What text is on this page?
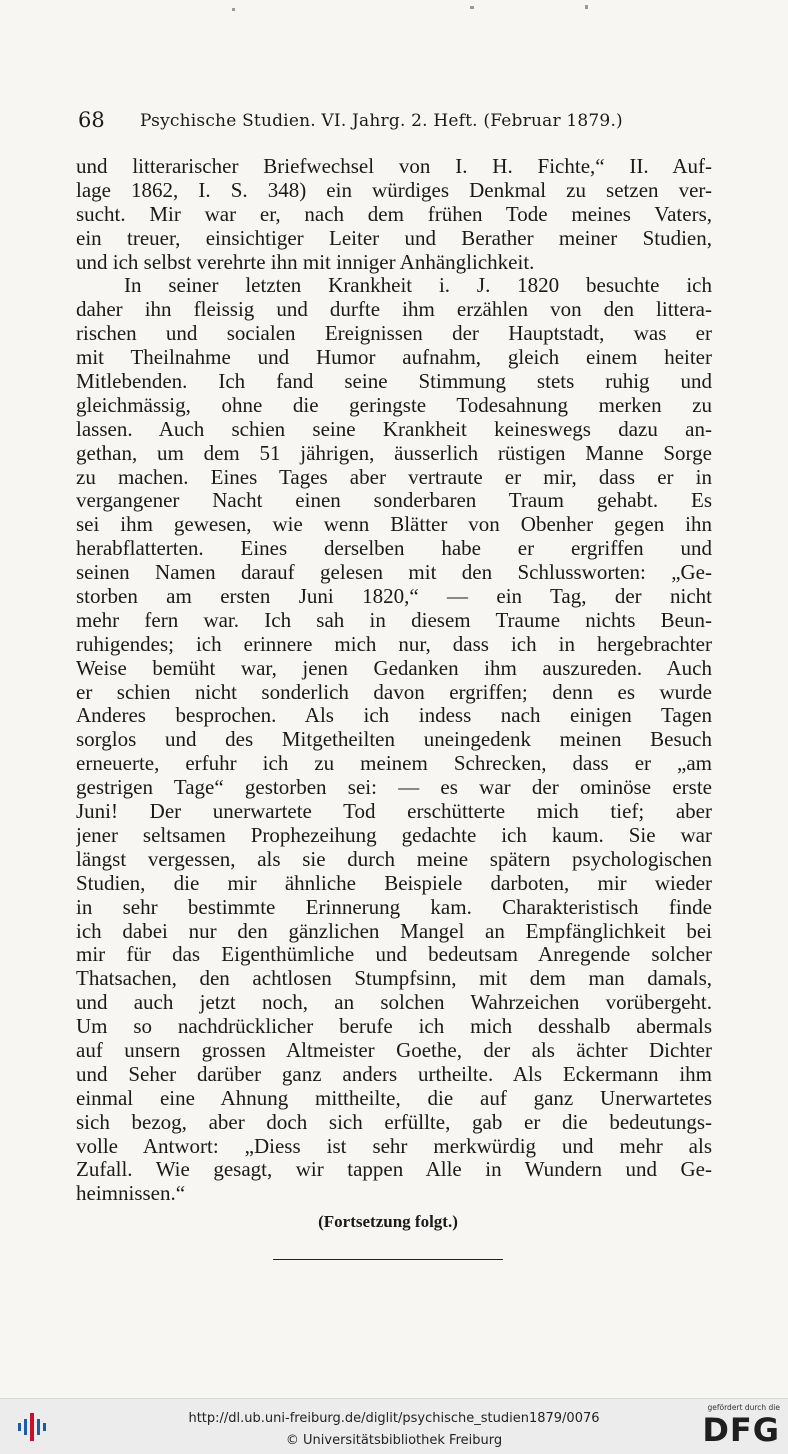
68 Psychische Studien. VI. Jahrg. 2. Heft. (Februar 1879.)
und litterarischer Briefwechsel von I. H. Fichte,“ II. Auf-
lage 1862, I. S. 348) ein würdiges Denkmal zu setzen ver-
sucht. Mir war er, nach dem frühen Tode meines Vaters,
ein treuer, einsichtiger Leiter und Berather meiner Studien,
und ich selbst verehrte ihn mit inniger Anhänglichkeit.
In seiner letzten Krankheit i. J. 1820 besuchte ich
daher ihn fleissig und durfte ihm erzählen von den littera-
rischen und socialen Ereignissen der Hauptstadt, was er
mit Theilnahme und Humor aufnahm, gleich einem heiter
Mitlebenden. Ich fand seine Stimmung stets ruhig und
gleichmässig, ohne die geringste Todesahnung merken zu
lassen. Auch schien seine Krankheit keineswegs dazu an-
gethan, um dem 51 jährigen, äusserlich rüstigen Manne Sorge
zu machen. Eines Tages aber vertraute er mir, dass er in
vergangener Nacht einen sonderbaren Traum gehabt. Es
sei ihm gewesen, wie wenn Blätter von Obenher gegen ihn
herabflatterten. Eines derselben habe er ergriffen und
seinen Namen darauf gelesen mit den Schlussworten: „Ge-
storben am ersten Juni 1820,“ — ein Tag, der nicht
mehr fern war. Ich sah in diesem Traume nichts Beun-
ruhigendes; ich erinnere mich nur, dass ich in hergebrachter
Weise bemüht war, jenen Gedanken ihm auszureden. Auch
er schien nicht sonderlich davon ergriffen; denn es wurde
Anderes besprochen. Als ich indess nach einigen Tagen
sorglos und des Mitgetheilten uneingedenk meinen Besuch
erneuerte, erfuhr ich zu meinem Schrecken, dass er „am
gestrigen Tage“ gestorben sei: — es war der ominöse erste
Juni! Der unerwartete Tod erschütterte mich tief; aber
jener seltsamen Prophezeihung gedachte ich kaum. Sie war
längst vergessen, als sie durch meine spätern psychologischen
Studien, die mir ähnliche Beispiele darboten, mir wieder
in sehr bestimmte Erinnerung kam. Charakteristisch finde
ich dabei nur den gänzlichen Mangel an Empfänglichkeit bei
mir für das Eigenthümliche und bedeutsam Anregende solcher
Thatsachen, den achtlosen Stumpfsinn, mit dem man damals,
und auch jetzt noch, an solchen Wahrzeichen vorübergeht.
Um so nachdrücklicher berufe ich mich desshalb abermals
auf unsern grossen Altmeister Goethe, der als ächter Dichter
und Seher darüber ganz anders urtheilte. Als Eckermann ihm
einmal eine Ahnung mittheilte, die auf ganz Unerwartetes
sich bezog, aber doch sich erfüllte, gab er die bedeutungs-
volle Antwort: „Diess ist sehr merkwürdig und mehr als
Zufall. Wie gesagt, wir tappen Alle in Wundern und Ge-
heimnissen.“
(Fortsetzung folgt.)
http://dl.ub.uni-freiburg.de/diglit/psychische_studien1879/0076
© Universitätsbibliothek Freiburg
gefördert durch die
DFG
